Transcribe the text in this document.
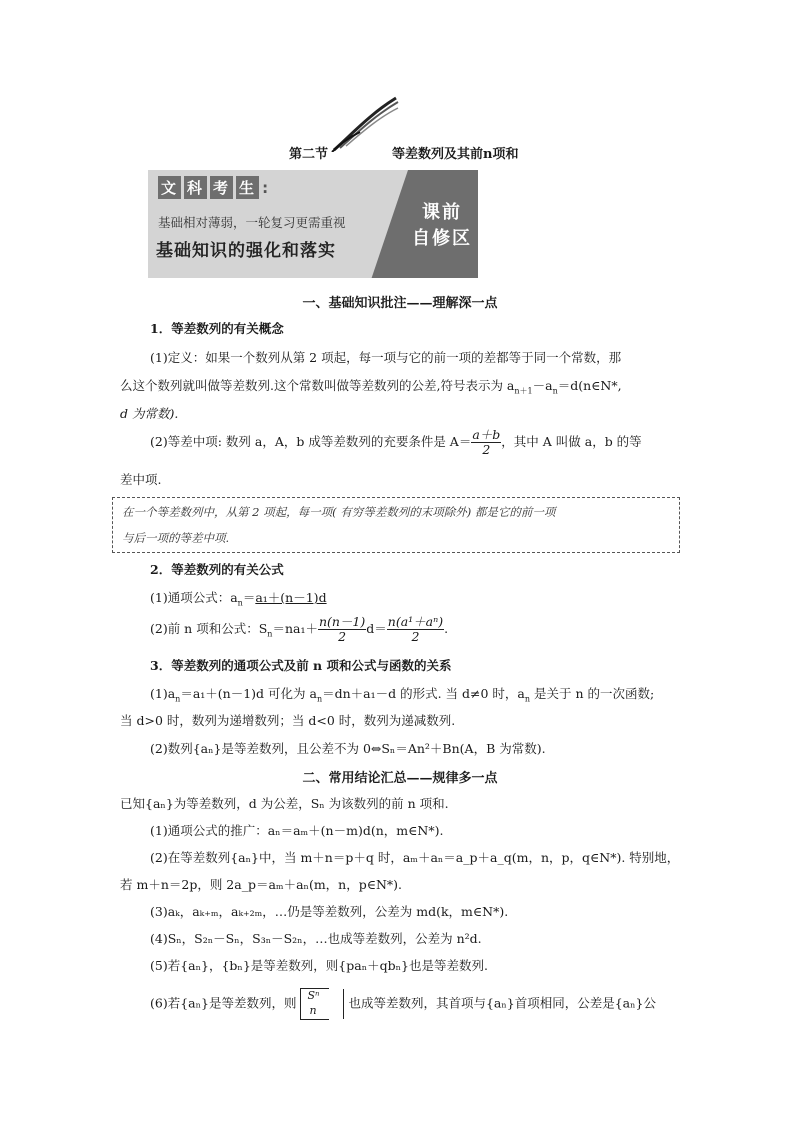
第二节	等差数列及其前n项和
文 科 考 生 :
基础相对薄弱，一轮复习更需重视
基础知识的强化和落实
课前
自修区
一、基础知识批注——理解深一点
1．等差数列的有关概念
(1)定义：如果一个数列从第 2 项起，每一项与它的前一项的差都等于同一个常数，那
么这个数列就叫做等差数列.这个常数叫做等差数列的公差,符号表示为 $a_{n+1}-a_n=d(n\in N*$,
d 为常数).
(2)等差中项: 数列 a，A，b 成等差数列的充要条件是 $A= \frac{a+b}{2}$ ，其中 A 叫做 a，b 的等
差中项.
在一个等差数列中，从第 2 项起，每一项( 有穷等差数列的末项除外) 都是它的前一项
与后一项的等差中项.
2．等差数列的有关公式
(1)通项公式：$a_n=a_1+(n-1)d$
(2)前 n 项和公式：$S_n=na_1+ \frac{n(n-1)}{2} d= \frac{\text{n(a¹＋aⁿ)}}{2}$ .
3．等差数列的通项公式及前 n 项和公式与函数的关系
$(1)a_n=a_1+(n-1)d$ 可化为 $a_n=dn+a_1-d$ 的形式. 当 d≠0 时，$a_n$ 是关于 n 的一次函数;
当 d>0 时，数列为递增数列；当 d<0 时，数列为递减数列.
(2)数列{aₙ}是等差数列，且公差不为 0⇔Sₙ＝An²＋Bn(A，B 为常数).
二、常用结论汇总——规律多一点
已知{aₙ}为等差数列，d 为公差，Sₙ 为该数列的前 n 项和.
(1)通项公式的推广：aₙ＝aₘ＋(n－m)d(n，m∈N*).
(2)在等差数列{aₙ}中，当 m＋n＝p＋q 时，aₘ＋aₙ＝a_p＋a_q(m，n，p，q∈N*). 特别地，
若 m＋n＝2p，则 2a_p＝aₘ＋aₙ(m，n，p∈N*).
(3)aₖ，aₖ₊ₘ，aₖ₊₂ₘ，…仍是等差数列，公差为 md(k，m∈N*).
(4)Sₙ，S₂ₙ－Sₙ，S₃ₙ－S₂ₙ，…也成等差数列，公差为 n²d.
(5)若{aₙ}，{bₙ}是等差数列，则{paₙ＋qbₙ}也是等差数列.
(6)若{aₙ}是等差数列，则 Sⁿ
n	也成等差数列，其首项与{aₙ}首项相同，公差是{aₙ}公
